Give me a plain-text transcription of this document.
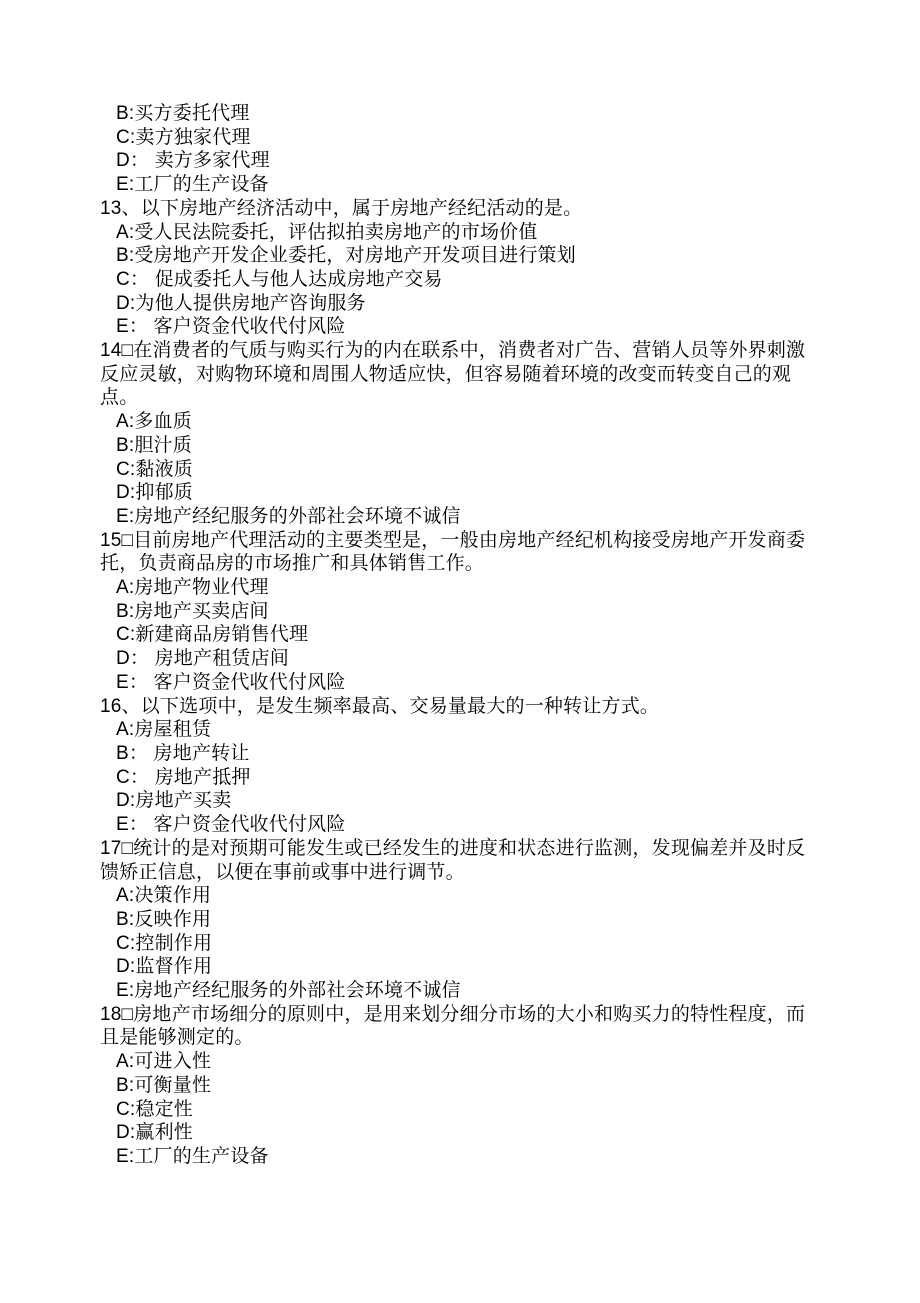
B:买方委托代理

C:卖方独家代理

D： 卖方多家代理

E:工厂的生产设备

13、以下房地产经济活动中，属于房地产经纪活动的是。

A:受人民法院委托，评估拟拍卖房地产的市场价值

B:受房地产开发企业委托，对房地产开发项目进行策划

C： 促成委托人与他人达成房地产交易

D:为他人提供房地产咨询服务

E： 客户资金代收代付风险

14□在消费者的气质与购买行为的内在联系中，消费者对广告、营销人员等外界刺激反应灵敏，对购物环境和周围人物适应快，但容易随着环境的改变而转变自己的观点。

A:多血质

B:胆汁质

C:黏液质

D:抑郁质

E:房地产经纪服务的外部社会环境不诚信

15□目前房地产代理活动的主要类型是，一般由房地产经纪机构接受房地产开发商委托，负责商品房的市场推广和具体销售工作。

A:房地产物业代理

B:房地产买卖店间

C:新建商品房销售代理

D： 房地产租赁店间

E： 客户资金代收代付风险

16、以下选项中，是发生频率最高、交易量最大的一种转让方式。

A:房屋租赁

B： 房地产转让

C： 房地产抵押

D:房地产买卖

E： 客户资金代收代付风险

17□统计的是对预期可能发生或已经发生的进度和状态进行监测，发现偏差并及时反馈矫正信息，以便在事前或事中进行调节。

A:决策作用

B:反映作用

C:控制作用

D:监督作用

E:房地产经纪服务的外部社会环境不诚信

18□房地产市场细分的原则中，是用来划分细分市场的大小和购买力的特性程度，而且是能够测定的。

A:可进入性

B:可衡量性

C:稳定性

D:赢利性

E:工厂的生产设备
